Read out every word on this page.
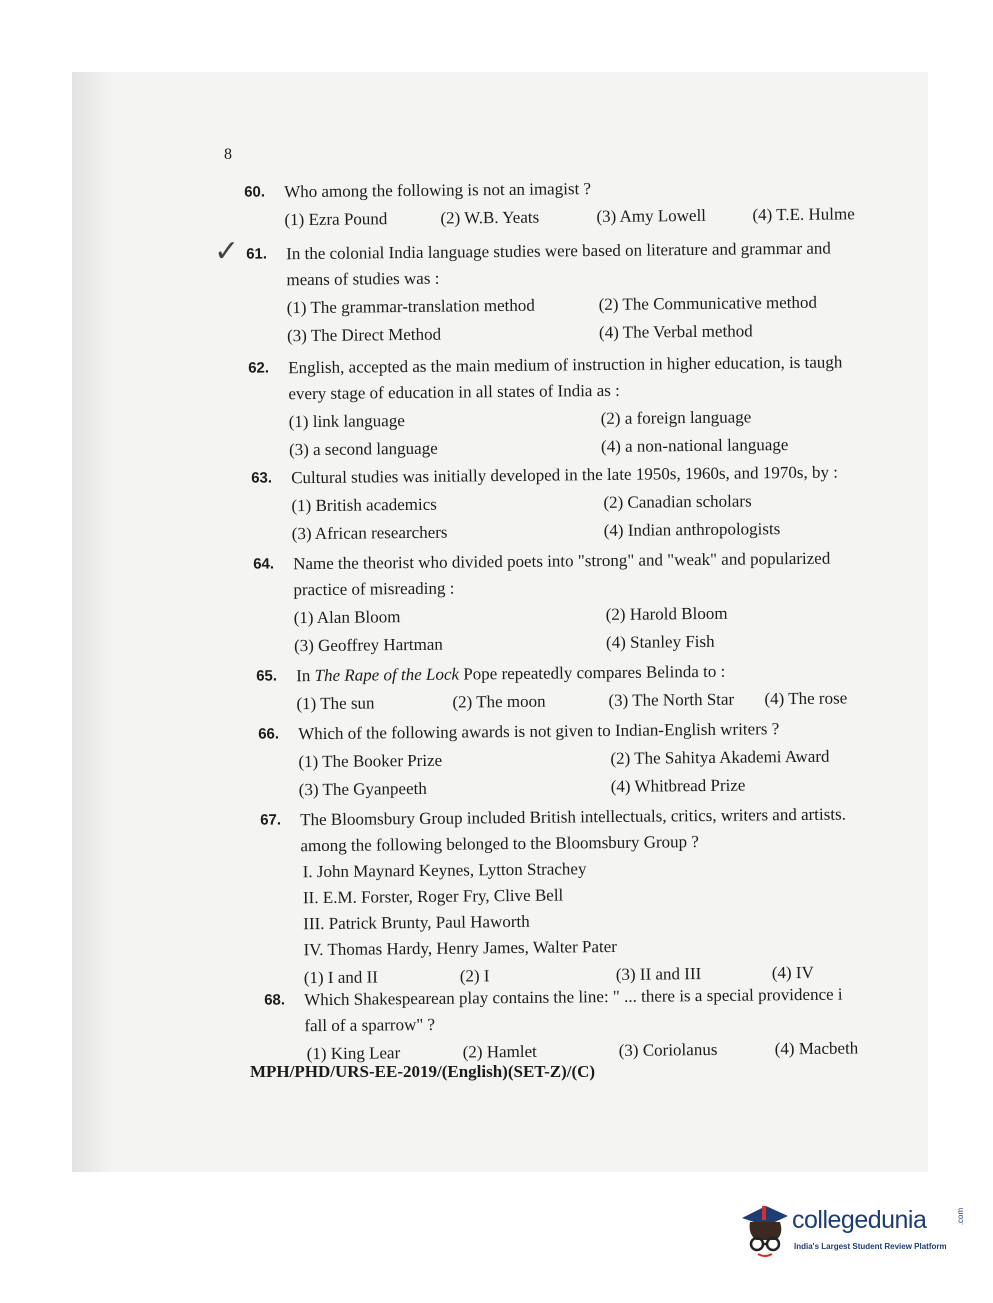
8
✓
60. Who among the following is not an imagist ?
(1) Ezra Pound	(2) W.B. Yeats	(3) Amy Lowell	(4) T.E. Hulme
61. In the colonial India language studies were based on literature and grammar and
means of studies was :
(1) The grammar-translation method	(2) The Communicative method
(3) The Direct Method	(4) The Verbal method
62. English, accepted as the main medium of instruction in higher education, is taugh
every stage of education in all states of India as :
(1) link language	(2) a foreign language
(3) a second language	(4) a non-national language
63. Cultural studies was initially developed in the late 1950s, 1960s, and 1970s, by :
(1) British academics	(2) Canadian scholars
(3) African researchers	(4) Indian anthropologists
64. Name the theorist who divided poets into "strong" and "weak" and popularized
practice of misreading :
(1) Alan Bloom	(2) Harold Bloom
(3) Geoffrey Hartman	(4) Stanley Fish
65. In The Rape of the Lock Pope repeatedly compares Belinda to :
(1) The sun	(2) The moon	(3) The North Star (4) The rose
66. Which of the following awards is not given to Indian-English writers ?
(1) The Booker Prize	(2) The Sahitya Akademi Award
(3) The Gyanpeeth	(4) Whitbread Prize
67. The Bloomsbury Group included British intellectuals, critics, writers and artists.
among the following belonged to the Bloomsbury Group ?
I. John Maynard Keynes, Lytton Strachey
II. E.M. Forster, Roger Fry, Clive Bell
III. Patrick Brunty, Paul Haworth
IV. Thomas Hardy, Henry James, Walter Pater
(1) I and II	(2) I	(3) II and III	(4) IV
68. Which Shakespearean play contains the line: " ... there is a special providence i
fall of a sparrow" ?
(1) King Lear	(2) Hamlet	(3) Coriolanus	(4) Macbeth
MPH/PHD/URS-EE-2019/(English)(SET-Z)/(C)
collegedunia	.com
India's Largest Student Review Platform
